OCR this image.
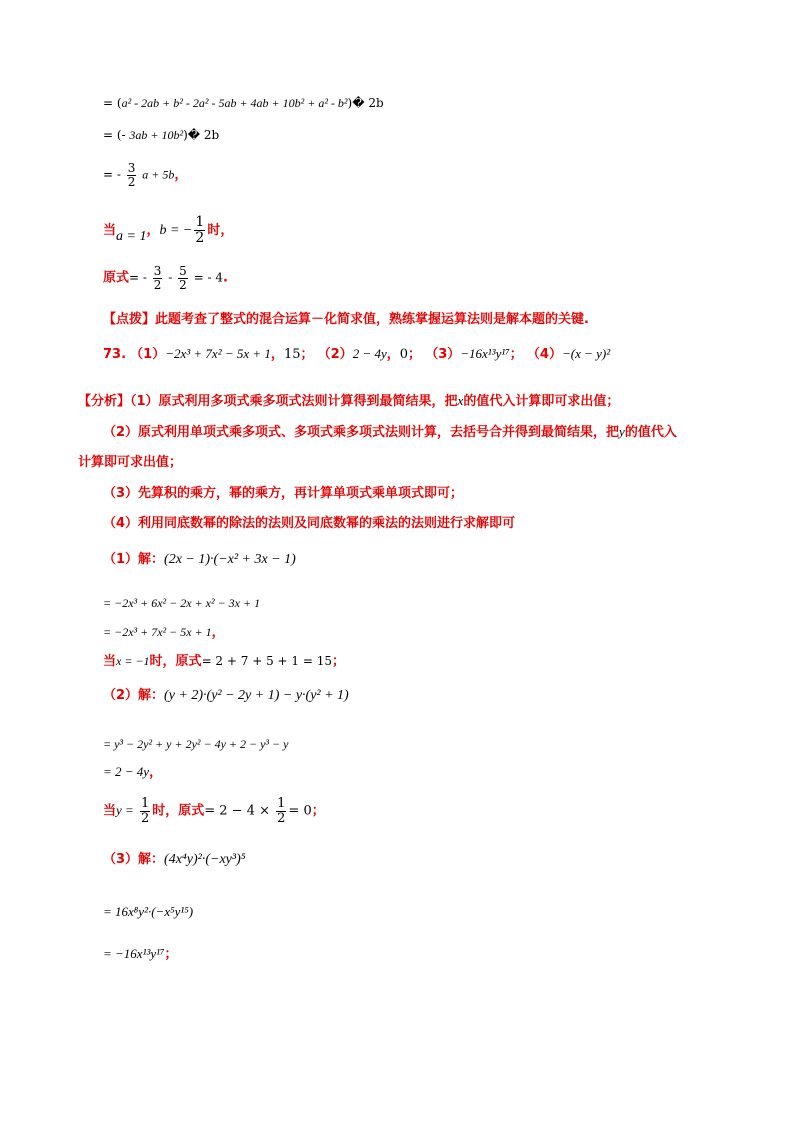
= (a² - 2ab + b² - 2a² - 5ab + 4ab + 10b² + a² - b²)� 2b
= (- 3ab + 10b²)� 2b
= - $\frac{3}{2}$ a + 5b，
当a = 1，b = − $\frac{1}{2}$ 时，
原式= - $\frac{3}{2} - \frac{5}{2}$ = - 4.
【点拨】此题考查了整式的混合运算－化简求值，熟练掌握运算法则是解本题的关键.
73. （1）−2x³ + 7x² − 5x + 1，15； （2）2 − 4y，0； （3）−16x¹³y¹⁷； （4）−(x − y)²
【分析】（1）原式利用多项式乘多项式法则计算得到最简结果，把x的值代入计算即可求出值；
（2）原式利用单项式乘多项式、多项式乘多项式法则计算，去括号合并得到最简结果，把y的值代入
计算即可求出值；
（3）先算积的乘方，幂的乘方，再计算单项式乘单项式即可；
（4）利用同底数幂的除法的法则及同底数幂的乘法的法则进行求解即可
（1）解：(2x − 1)·(−x² + 3x − 1)
= −2x³ + 6x² − 2x + x² − 3x + 1
= −2x³ + 7x² − 5x + 1，
当x = −1时，原式= 2 + 7 + 5 + 1 = 15；
（2）解：(y + 2)·(y² − 2y + 1) − y·(y² + 1)
= y³ − 2y² + y + 2y² − 4y + 2 − y³ − y
= 2 − 4y，
当$y = \frac{1}{2}$ 时，原式= $2 - 4 \times \frac{1}{2} = 0$；
（3）解：(4x⁴y)²·(−xy³)⁵
= 16x⁸y²·(−x⁵y¹⁵)
= −16x¹³y¹⁷；
